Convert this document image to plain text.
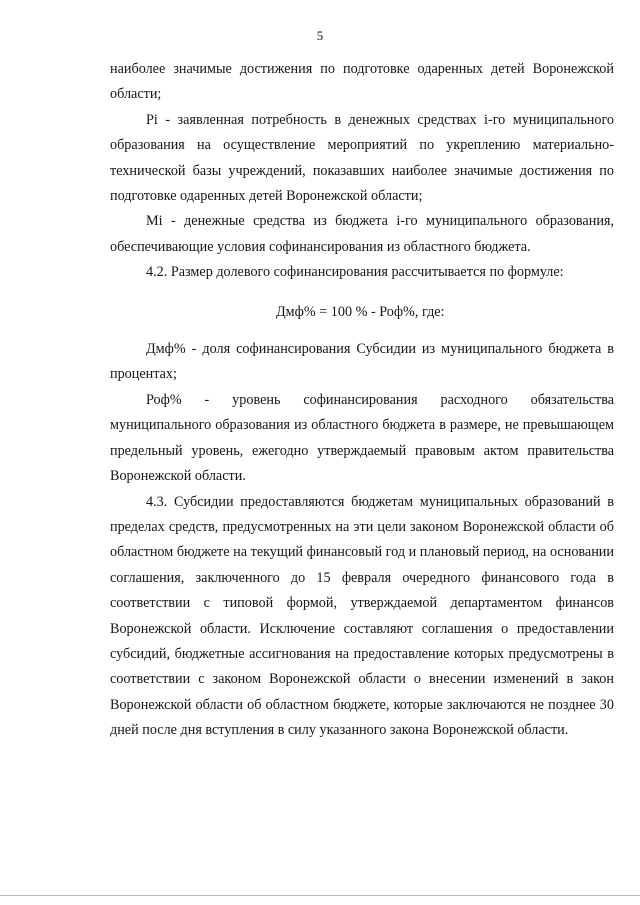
5

наиболее значимые достижения по подготовке одаренных детей Воронежской области;

Pi - заявленная потребность в денежных средствах i-го муниципального образования на осуществление мероприятий по укреплению материально-технической базы учреждений, показавших наиболее значимые достижения по подготовке одаренных детей Воронежской области;

Mi - денежные средства из бюджета i-го муниципального образования, обеспечивающие условия софинансирования из областного бюджета.

4.2. Размер долевого софинансирования рассчитывается по формуле:

Дмф% = 100 % - Роф%, где:

Дмф% - доля софинансирования Субсидии из муниципального бюджета в процентах;

Роф% - уровень софинансирования расходного обязательства муниципального образования из областного бюджета в размере, не превышающем предельный уровень, ежегодно утверждаемый правовым актом правительства Воронежской области.

4.3. Субсидии предоставляются бюджетам муниципальных образований в пределах средств, предусмотренных на эти цели законом Воронежской области об областном бюджете на текущий финансовый год и плановый период, на основании соглашения, заключенного до 15 февраля очередного финансового года в соответствии с типовой формой, утверждаемой департаментом финансов Воронежской области. Исключение составляют соглашения о предоставлении субсидий, бюджетные ассигнования на предоставление которых предусмотрены в соответствии с законом Воронежской области о внесении изменений в закон Воронежской области об областном бюджете, которые заключаются не позднее 30 дней после дня вступления в силу указанного закона Воронежской области.
